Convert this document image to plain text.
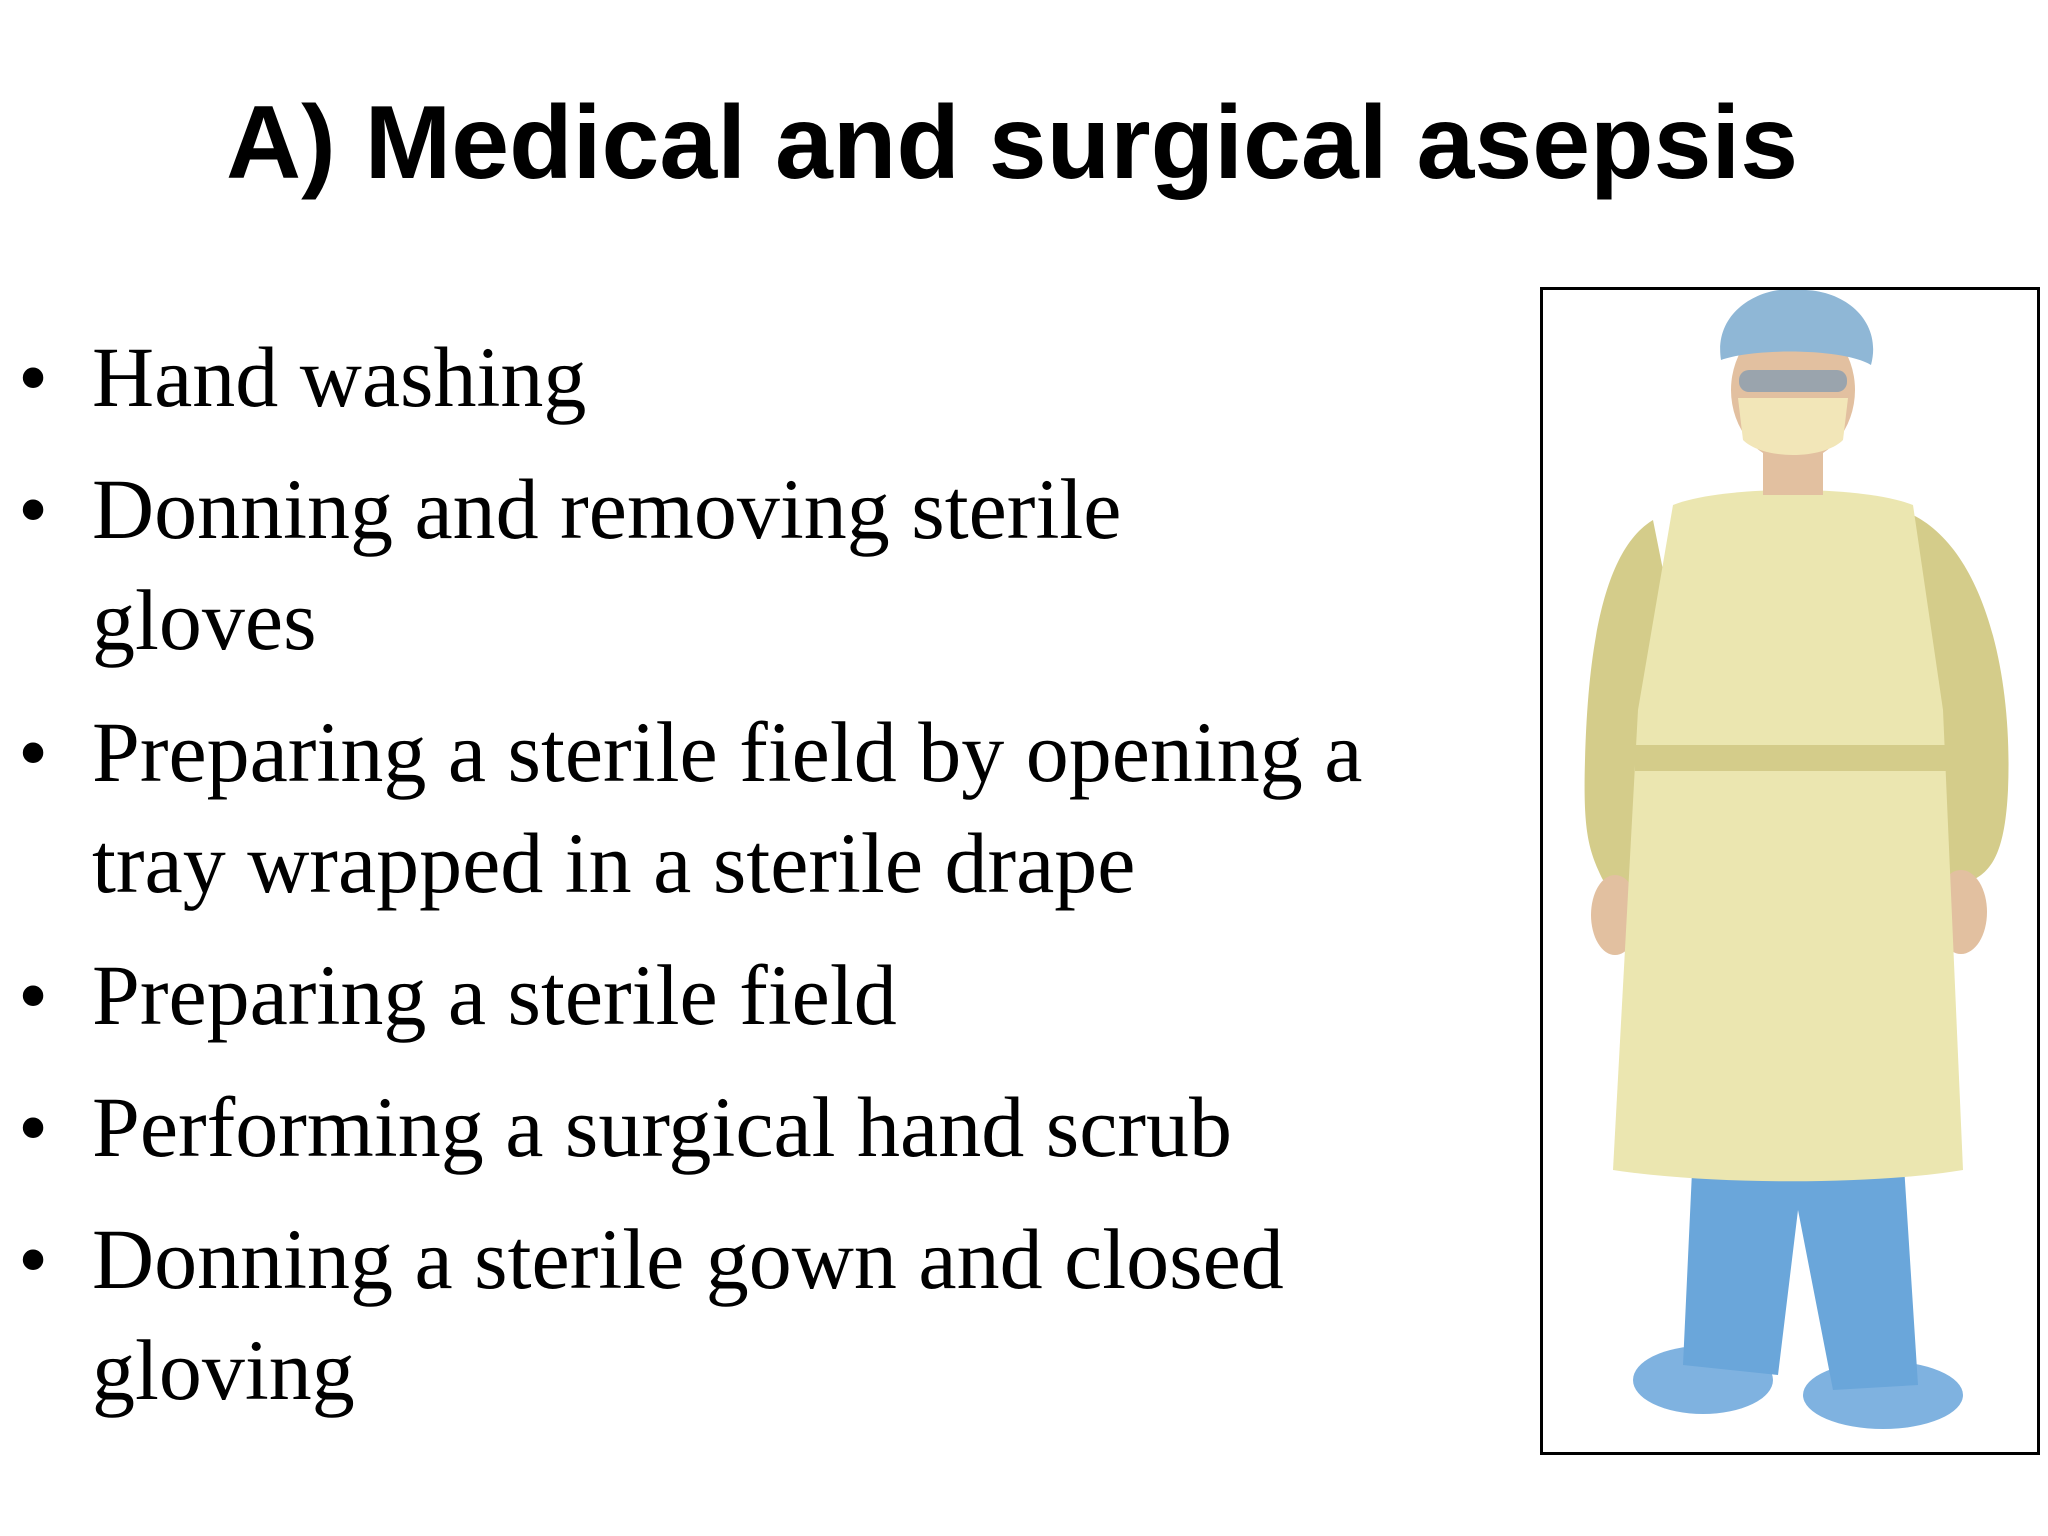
A) Medical and surgical asepsis
• Hand washing
• Donning and removing sterile gloves
• Preparing a sterile field by opening a tray wrapped in a sterile drape
• Preparing a sterile field
• Performing a surgical hand scrub
• Donning a sterile gown and closed gloving
